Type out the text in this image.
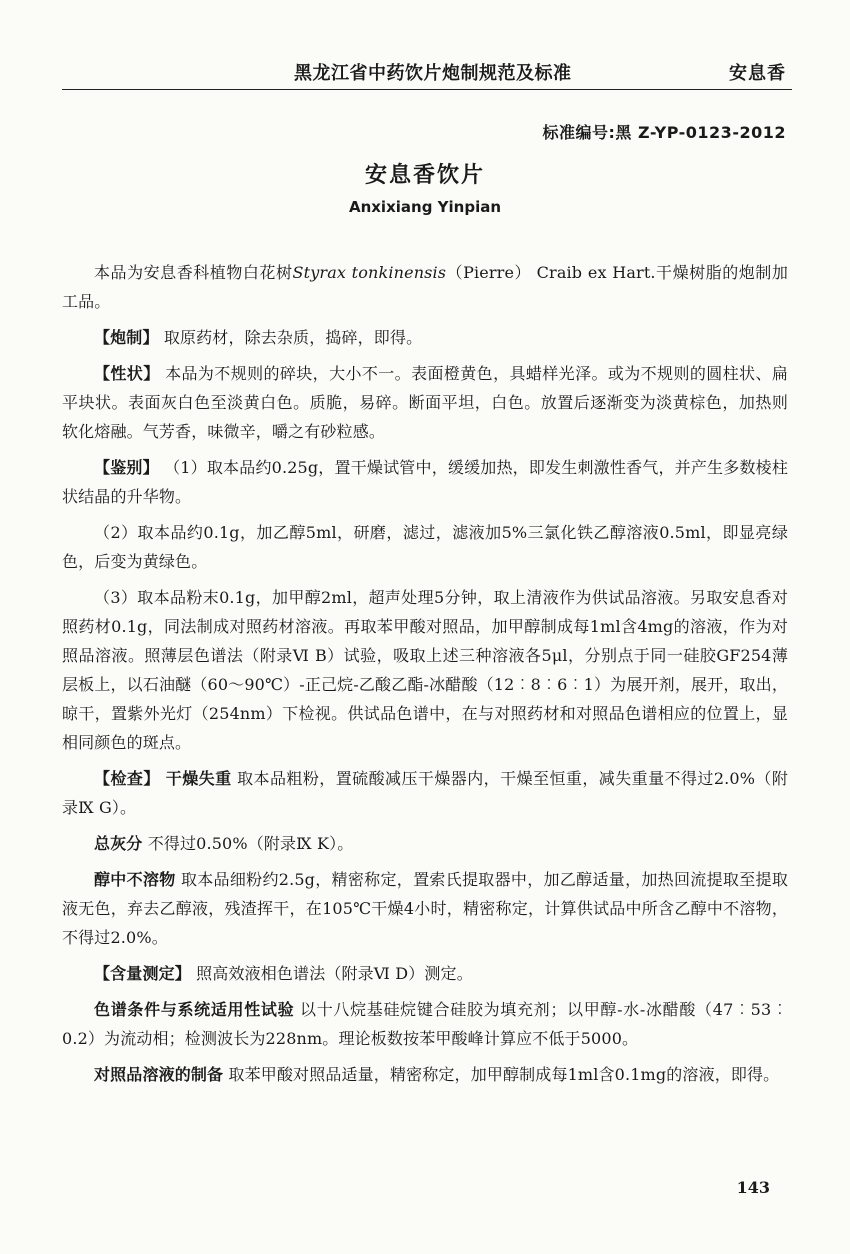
黑龙江省中药饮片炮制规范及标准	安息香
标准编号:黑 Z-YP-0123-2012
安息香饮片
Anxixiang Yinpian

本品为安息香科植物白花树Styrax tonkinensis（Pierre） Craib ex Hart.干燥树脂的炮制加工品。

【炮制】 取原药材，除去杂质，捣碎，即得。

【性状】 本品为不规则的碎块，大小不一。表面橙黄色，具蜡样光泽。或为不规则的圆柱状、扁平块状。表面灰白色至淡黄白色。质脆，易碎。断面平坦，白色。放置后逐渐变为淡黄棕色，加热则软化熔融。气芳香，味微辛，嚼之有砂粒感。

【鉴别】 （1）取本品约0.25g，置干燥试管中，缓缓加热，即发生刺激性香气，并产生多数棱柱状结晶的升华物。

（2）取本品约0.1g，加乙醇5ml，研磨，滤过，滤液加5%三氯化铁乙醇溶液0.5ml，即显亮绿色，后变为黄绿色。

（3）取本品粉末0.1g，加甲醇2ml，超声处理5分钟，取上清液作为供试品溶液。另取安息香对照药材0.1g，同法制成对照药材溶液。再取苯甲酸对照品，加甲醇制成每1ml含4mg的溶液，作为对照品溶液。照薄层色谱法（附录Ⅵ B）试验，吸取上述三种溶液各5μl，分别点于同一硅胶GF254薄层板上，以石油醚（60～90℃）-正己烷-乙酸乙酯-冰醋酸（12︰8︰6︰1）为展开剂，展开，取出，晾干，置紫外光灯（254nm）下检视。供试品色谱中，在与对照药材和对照品色谱相应的位置上，显相同颜色的斑点。

【检查】 干燥失重 取本品粗粉，置硫酸减压干燥器内，干燥至恒重，减失重量不得过2.0%（附录Ⅸ G）。

总灰分 不得过0.50%（附录Ⅸ K）。

醇中不溶物 取本品细粉约2.5g，精密称定，置索氏提取器中，加乙醇适量，加热回流提取至提取液无色，弃去乙醇液，残渣挥干，在105℃干燥4小时，精密称定，计算供试品中所含乙醇中不溶物，不得过2.0%。

【含量测定】 照高效液相色谱法（附录Ⅵ D）测定。

色谱条件与系统适用性试验 以十八烷基硅烷键合硅胶为填充剂；以甲醇-水-冰醋酸（47︰53︰0.2）为流动相；检测波长为228nm。理论板数按苯甲酸峰计算应不低于5000。

对照品溶液的制备 取苯甲酸对照品适量，精密称定，加甲醇制成每1ml含0.1mg的溶液，即得。

143
